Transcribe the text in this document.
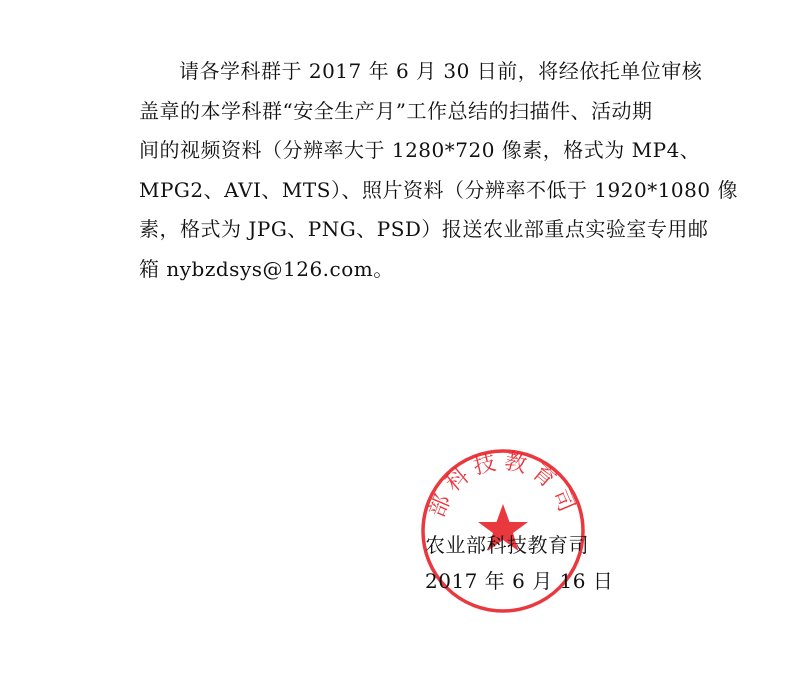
请各学科群于 2017 年 6 月 30 日前，将经依托单位审核
盖章的本学科群“安全生产月”工作总结的扫描件、活动期
间的视频资料（分辨率大于 1280*720 像素，格式为 MP4、
MPG2、AVI、MTS）、照片资料（分辨率不低于 1920*1080 像
素，格式为 JPG、PNG、PSD）报送农业部重点实验室专用邮
箱 nybzdsys@126.com。
部科技教育司
农业部科技教育司
2017 年 6 月 16 日
